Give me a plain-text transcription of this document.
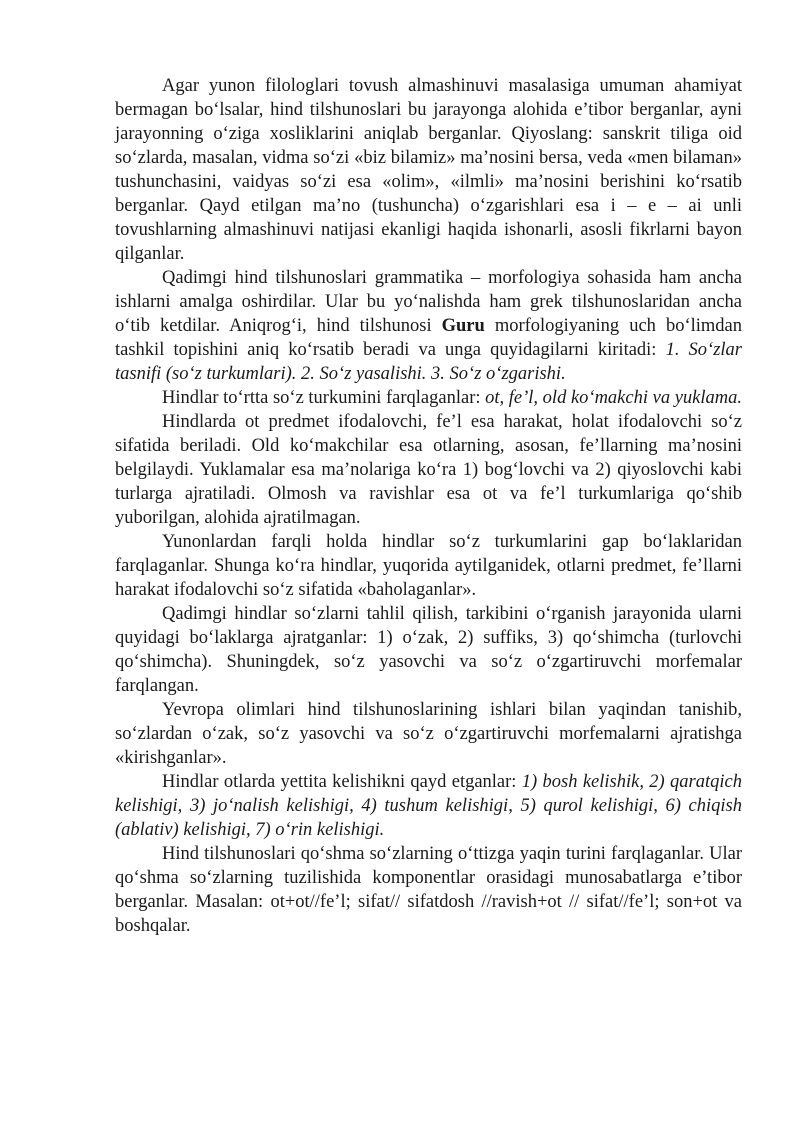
Agar yunon filologlari tovush almashinuvi masalasiga umuman ahamiyat bermagan bo‘lsalar, hind tilshunoslari bu jarayonga alohida e’tibor berganlar, ayni jarayonning o‘ziga xosliklarini aniqlab berganlar. Qiyoslang: sanskrit tiliga oid so‘zlarda, masalan, vidma so‘zi «biz bilamiz» ma’nosini bersa, veda «men bilaman» tushunchasini, vaidyas so‘zi esa «olim», «ilmli» ma’nosini berishini ko‘rsatib berganlar. Qayd etilgan ma’no (tushuncha) o‘zgarishlari esa i – e – ai unli tovushlarning almashinuvi natijasi ekanligi haqida ishonarli, asosli fikrlarni bayon qilganlar.

Qadimgi hind tilshunoslari grammatika – morfologiya sohasida ham ancha ishlarni amalga oshirdilar. Ular bu yo‘nalishda ham grek tilshunoslaridan ancha o‘tib ketdilar. Aniqrog‘i, hind tilshunosi Guru morfologiyaning uch bo‘limdan tashkil topishini aniq ko‘rsatib beradi va unga quyidagilarni kiritadi: 1. So‘zlar tasnifi (so‘z turkumlari). 2. So‘z yasalishi. 3. So‘z o‘zgarishi.

Hindlar to‘rtta so‘z turkumini farqlaganlar: ot, fe’l, old ko‘makchi va yuklama.

Hindlarda ot predmet ifodalovchi, fe’l esa harakat, holat ifodalovchi so‘z sifatida beriladi. Old ko‘makchilar esa otlarning, asosan, fe’llarning ma’nosini belgilaydi. Yuklamalar esa ma’nolariga ko‘ra 1) bog‘lovchi va 2) qiyoslovchi kabi turlarga ajratiladi. Olmosh va ravishlar esa ot va fe’l turkumlariga qo‘shib yuborilgan, alohida ajratilmagan.

Yunonlardan farqli holda hindlar so‘z turkumlarini gap bo‘laklaridan farqlaganlar. Shunga ko‘ra hindlar, yuqorida aytilganidek, otlarni predmet, fe’llarni harakat ifodalovchi so‘z sifatida «baholaganlar».

Qadimgi hindlar so‘zlarni tahlil qilish, tarkibini o‘rganish jarayonida ularni quyidagi bo‘laklarga ajratganlar: 1) o‘zak, 2) suffiks, 3) qo‘shimcha (turlovchi qo‘shimcha). Shuningdek, so‘z yasovchi va so‘z o‘zgartiruvchi morfemalar farqlangan.

Yevropa olimlari hind tilshunoslarining ishlari bilan yaqindan tanishib, so‘zlardan o‘zak, so‘z yasovchi va so‘z o‘zgartiruvchi morfemalarni ajratishga «kirishganlar».

Hindlar otlarda yettita kelishikni qayd etganlar: 1) bosh kelishik, 2) qaratqich kelishigi, 3) jo‘nalish kelishigi, 4) tushum kelishigi, 5) qurol kelishigi, 6) chiqish (ablativ) kelishigi, 7) o‘rin kelishigi.

Hind tilshunoslari qo‘shma so‘zlarning o‘ttizga yaqin turini farqlaganlar. Ular qo‘shma so‘zlarning tuzilishida komponentlar orasidagi munosabatlarga e’tibor berganlar. Masalan: ot+ot//fe’l; sifat// sifatdosh //ravish+ot // sifat//fe’l; son+ot va boshqalar.
